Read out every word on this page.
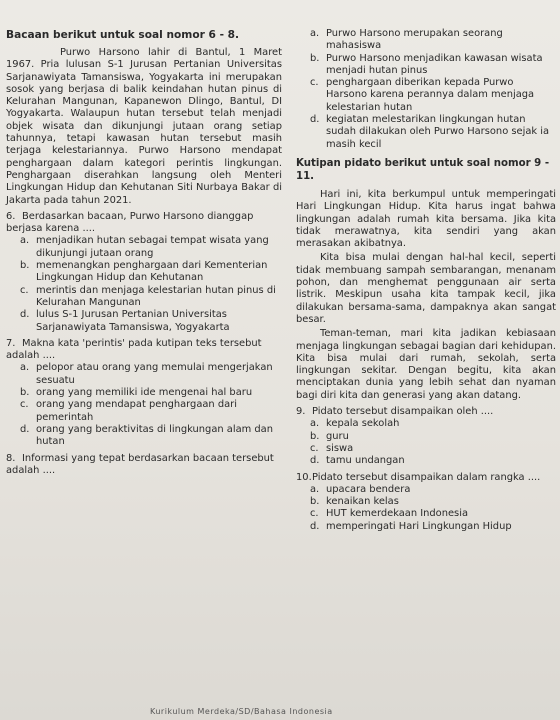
Bacaan berikut untuk soal nomor 6 - 8.
Purwo Harsono lahir di Bantul, 1 Maret 1967. Pria lulusan S-1 Jurusan Pertanian Universitas Sarjanawiyata Tamansiswa, Yogyakarta ini merupakan sosok yang berjasa di balik keindahan hutan pinus di Kelurahan Mangunan, Kapanewon Dlingo, Bantul, DI Yogyakarta. Walaupun hutan tersebut telah menjadi objek wisata dan dikunjungi jutaan orang setiap tahunnya, tetapi kawasan hutan tersebut masih terjaga kelestariannya. Purwo Harsono mendapat penghargaan dalam kategori perintis lingkungan. Penghargaan diserahkan langsung oleh Menteri Lingkungan Hidup dan Kehutanan Siti Nurbaya Bakar di Jakarta pada tahun 2021.
6. Berdasarkan bacaan, Purwo Harsono dianggap berjasa karena ....
a. menjadikan hutan sebagai tempat wisata yang dikunjungi jutaan orang
b. memenangkan penghargaan dari Kementerian Lingkungan Hidup dan Kehutanan
c. merintis dan menjaga kelestarian hutan pinus di Kelurahan Mangunan
d. lulus S-1 Jurusan Pertanian Universitas Sarjanawiyata Tamansiswa, Yogyakarta
7. Makna kata 'perintis' pada kutipan teks tersebut adalah ....
a. pelopor atau orang yang memulai mengerjakan sesuatu
b. orang yang memiliki ide mengenai hal baru
c. orang yang mendapat penghargaan dari pemerintah
d. orang yang beraktivitas di lingkungan alam dan hutan
8. Informasi yang tepat berdasarkan bacaan tersebut adalah ....
a. Purwo Harsono merupakan seorang mahasiswa
b. Purwo Harsono menjadikan kawasan wisata menjadi hutan pinus
c. penghargaan diberikan kepada Purwo Harsono karena perannya dalam menjaga kelestarian hutan
d. kegiatan melestarikan lingkungan hutan sudah dilakukan oleh Purwo Harsono sejak ia masih kecil
Kutipan pidato berikut untuk soal nomor 9 - 11.
Hari ini, kita berkumpul untuk memperingati Hari Lingkungan Hidup. Kita harus ingat bahwa lingkungan adalah rumah kita bersama. Jika kita tidak merawatnya, kita sendiri yang akan merasakan akibatnya.
Kita bisa mulai dengan hal-hal kecil, seperti tidak membuang sampah sembarangan, menanam pohon, dan menghemat penggunaan air serta listrik. Meskipun usaha kita tampak kecil, jika dilakukan bersama-sama, dampaknya akan sangat besar.
Teman-teman, mari kita jadikan kebiasaan menjaga lingkungan sebagai bagian dari kehidupan. Kita bisa mulai dari rumah, sekolah, serta lingkungan sekitar. Dengan begitu, kita akan menciptakan dunia yang lebih sehat dan nyaman bagi diri kita dan generasi yang akan datang.
9. Pidato tersebut disampaikan oleh ....
a. kepala sekolah
b. guru
c. siswa
d. tamu undangan
10.Pidato tersebut disampaikan dalam rangka ....
a. upacara bendera
b. kenaikan kelas
c. HUT kemerdekaan Indonesia
d. memperingati Hari Lingkungan Hidup
Kurikulum Merdeka/SD/Bahasa Indonesia
